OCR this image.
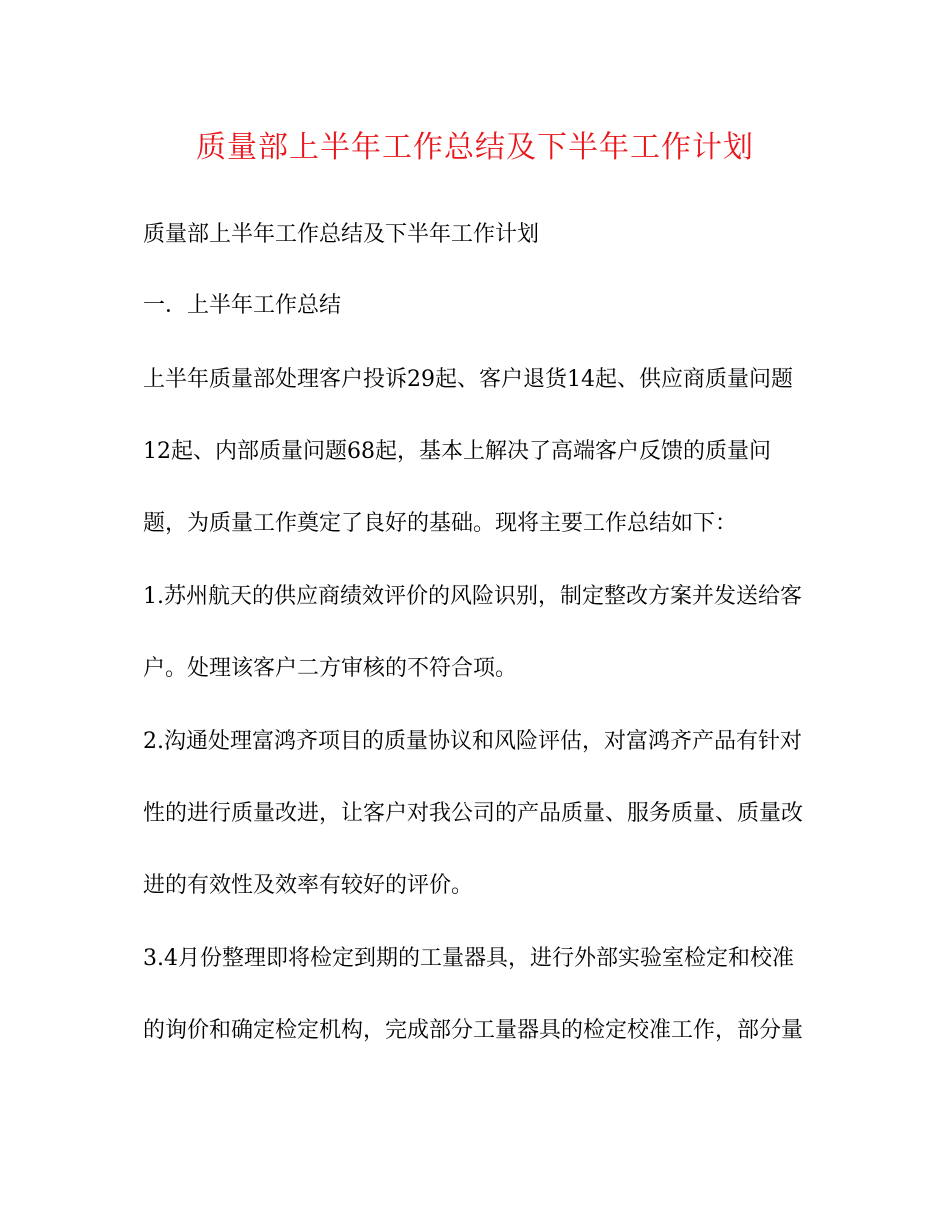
质量部上半年工作总结及下半年工作计划
质量部上半年工作总结及下半年工作计划
一．上半年工作总结
上半年质量部处理客户投诉29起、客户退货14起、供应商质量问题
12起、内部质量问题68起，基本上解决了高端客户反馈的质量问
题，为质量工作奠定了良好的基础。现将主要工作总结如下：
1.苏州航天的供应商绩效评价的风险识别，制定整改方案并发送给客
户。处理该客户二方审核的不符合项。
2.沟通处理富鸿齐项目的质量协议和风险评估，对富鸿齐产品有针对
性的进行质量改进，让客户对我公司的产品质量、服务质量、质量改
进的有效性及效率有较好的评价。
3.4月份整理即将检定到期的工量器具，进行外部实验室检定和校准
的询价和确定检定机构，完成部分工量器具的检定校准工作，部分量
